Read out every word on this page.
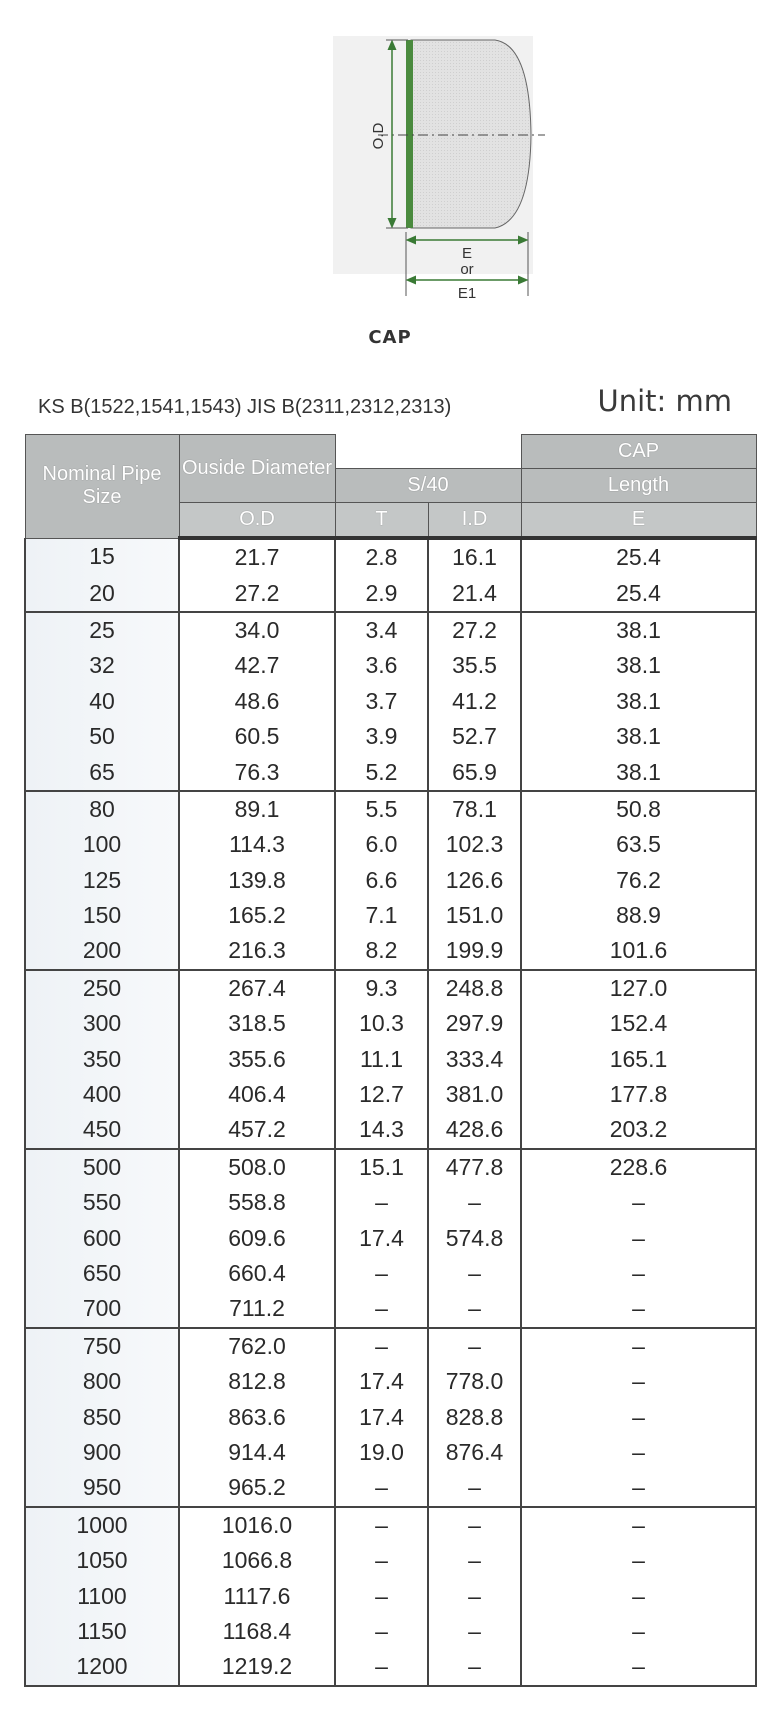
O.D
E
or
E1
CAP
KS B(1522,1541,1543) JIS B(2311,2312,2313)	Unit: mm
Nominal Pipe Size	Ouside Diameter			CAP
		S/40		Length
	O.D	T	I.D	E
15	21.7	2.8	16.1	25.4
20	27.2	2.9	21.4	25.4
25	34.0	3.4	27.2	38.1
32	42.7	3.6	35.5	38.1
40	48.6	3.7	41.2	38.1
50	60.5	3.9	52.7	38.1
65	76.3	5.2	65.9	38.1
80	89.1	5.5	78.1	50.8
100	114.3	6.0	102.3	63.5
125	139.8	6.6	126.6	76.2
150	165.2	7.1	151.0	88.9
200	216.3	8.2	199.9	101.6
250	267.4	9.3	248.8	127.0
300	318.5	10.3	297.9	152.4
350	355.6	11.1	333.4	165.1
400	406.4	12.7	381.0	177.8
450	457.2	14.3	428.6	203.2
500	508.0	15.1	477.8	228.6
550	558.8	–	–	–
600	609.6	17.4	574.8	–
650	660.4	–	–	–
700	711.2	–	–	–
750	762.0	–	–	–
800	812.8	17.4	778.0	–
850	863.6	17.4	828.8	–
900	914.4	19.0	876.4	–
950	965.2	–	–	–
1000	1016.0	–	–	–
1050	1066.8	–	–	–
1100	1117.6	–	–	–
1150	1168.4	–	–	–
1200	1219.2	–	–	–
